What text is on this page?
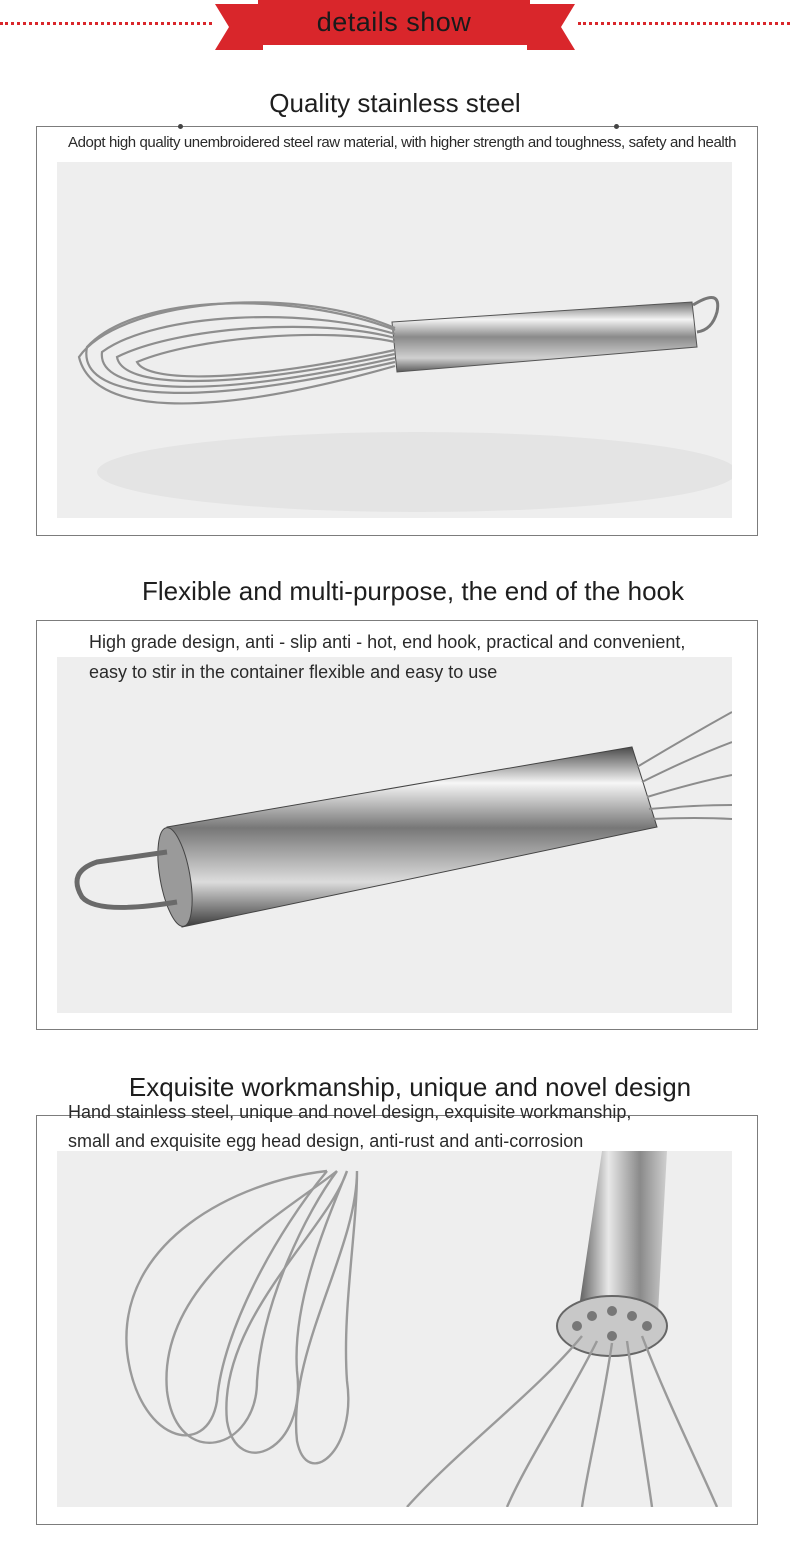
details show
Quality stainless steel

Adopt high quality unembroidered steel raw material, with higher strength and toughness, safety and health

Flexible and multi-purpose, the end of the hook

High grade design, anti - slip anti - hot, end hook, practical and convenient,

easy to stir in the container flexible and easy to use

Exquisite workmanship, unique and novel design

Hand stainless steel, unique and novel design, exquisite workmanship,

small and exquisite egg head design, anti-rust and anti-corrosion
